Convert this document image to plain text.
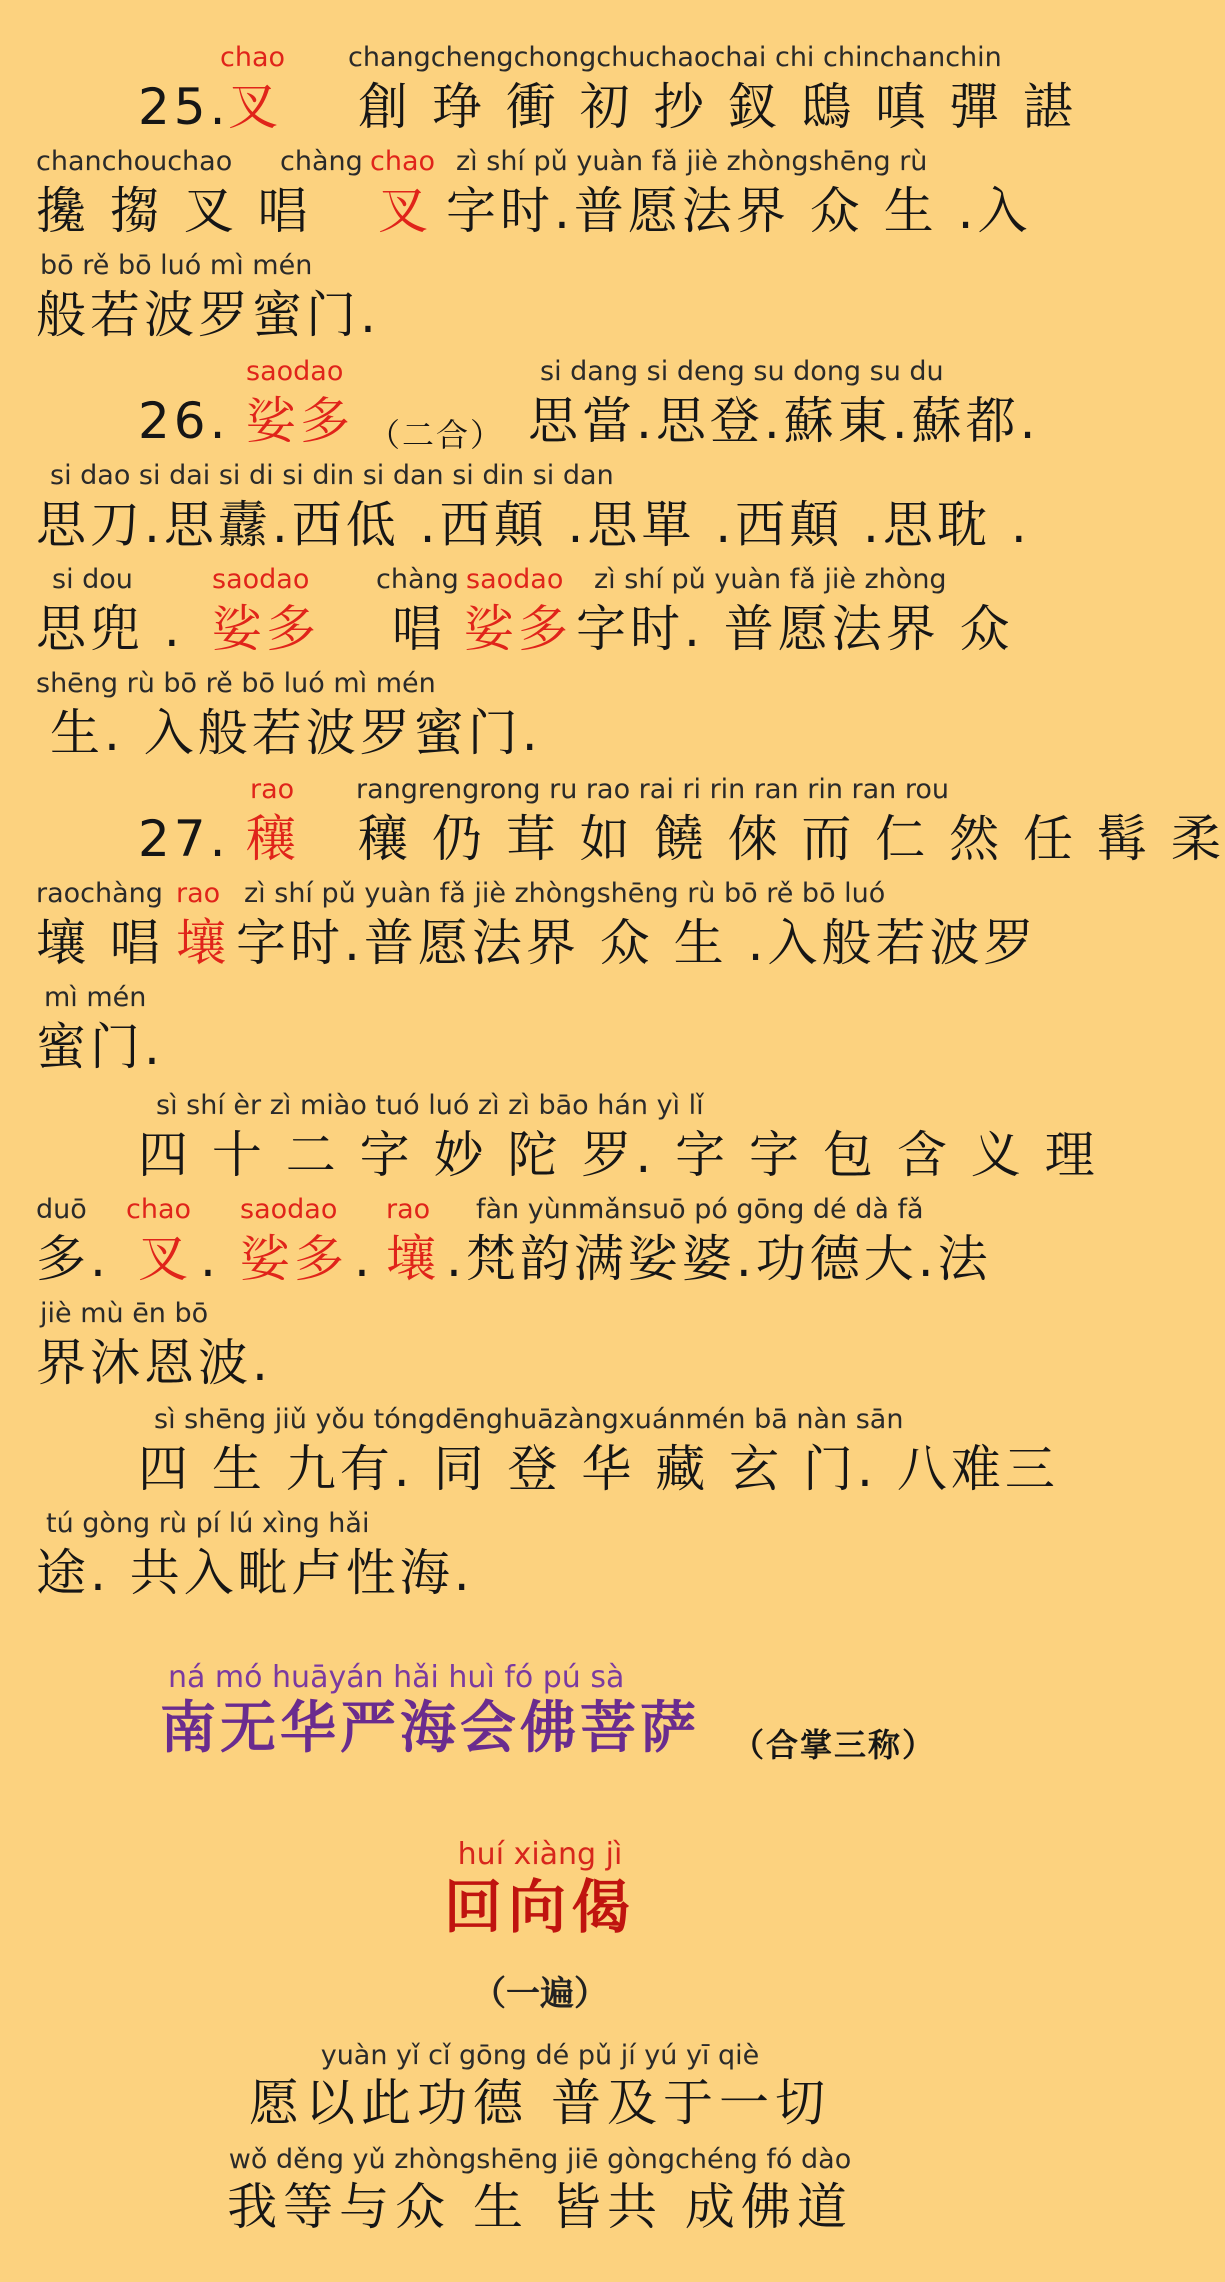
chao changchengchongchuchaochai chi chinchanchin
25.
叉 創 琤 衝 初 抄 釵 鴟 嗔 彈 諶
chanchouchao chàng chao zì shí pǔ yuàn fǎ jiè zhòngshēng rù
攙 搊 叉 唱 叉 字时.普愿法界 众 生 .入
bō rě bō luó mì mén
般若波罗蜜门.
saodao	si dang si deng su dong su du
26. 娑多 （二合） 思當.思登.蘇東.蘇都.
si dao si dai si di si din si dan si din si dan
思刀.思纛.西低 .西顛 .思單 .西顛 .思耽 .
si dou	saodao chàng saodao zì shí pǔ yuàn fǎ jiè zhòng
思兜 . 娑多 唱 娑多 字时. 普愿法界 众
shēng rù bō rě bō luó mì mén
生. 入般若波罗蜜门.
rao rangrengrong ru rao rai ri rin ran rin ran rou
27. 穰 穰 仍 茸 如 饒 倈 而 仁 然 任 髯 柔
raochàng rao zì shí pǔ yuàn fǎ jiè zhòngshēng rù bō rě bō luó
壤 唱 壤 字时.普愿法界 众 生 .入般若波罗
mì mén
蜜门.
sì shí èr zì miào tuó luó zì zì bāo hán yì lǐ
四 十 二 字 妙 陀 罗. 字 字 包 含 义 理
duō chao saodao rao fàn yùnmǎnsuō pó gōng dé dà fǎ
多. 叉 . 娑多 . 壤 .梵韵满娑婆.功德大.法
jiè mù ēn bō
界沐恩波.
sì shēng jiǔ yǒu tóngdēnghuāzàngxuánmén bā nàn sān
四 生 九有. 同 登 华 藏 玄 门. 八难三
tú gòng rù pí lú xìng hǎi
途. 共入毗卢性海.
ná mó huāyán hǎi huì fó pú sà
南无华严海会佛菩萨 （合掌三称）
huí xiàng jì
回向偈
（一遍）
yuàn yǐ cǐ gōng dé pǔ jí yú yī qiè
愿以此功德 普及于一切
wǒ děng yǔ zhòngshēng jiē gòngchéng fó dào
我等与众 生 皆共 成佛道
